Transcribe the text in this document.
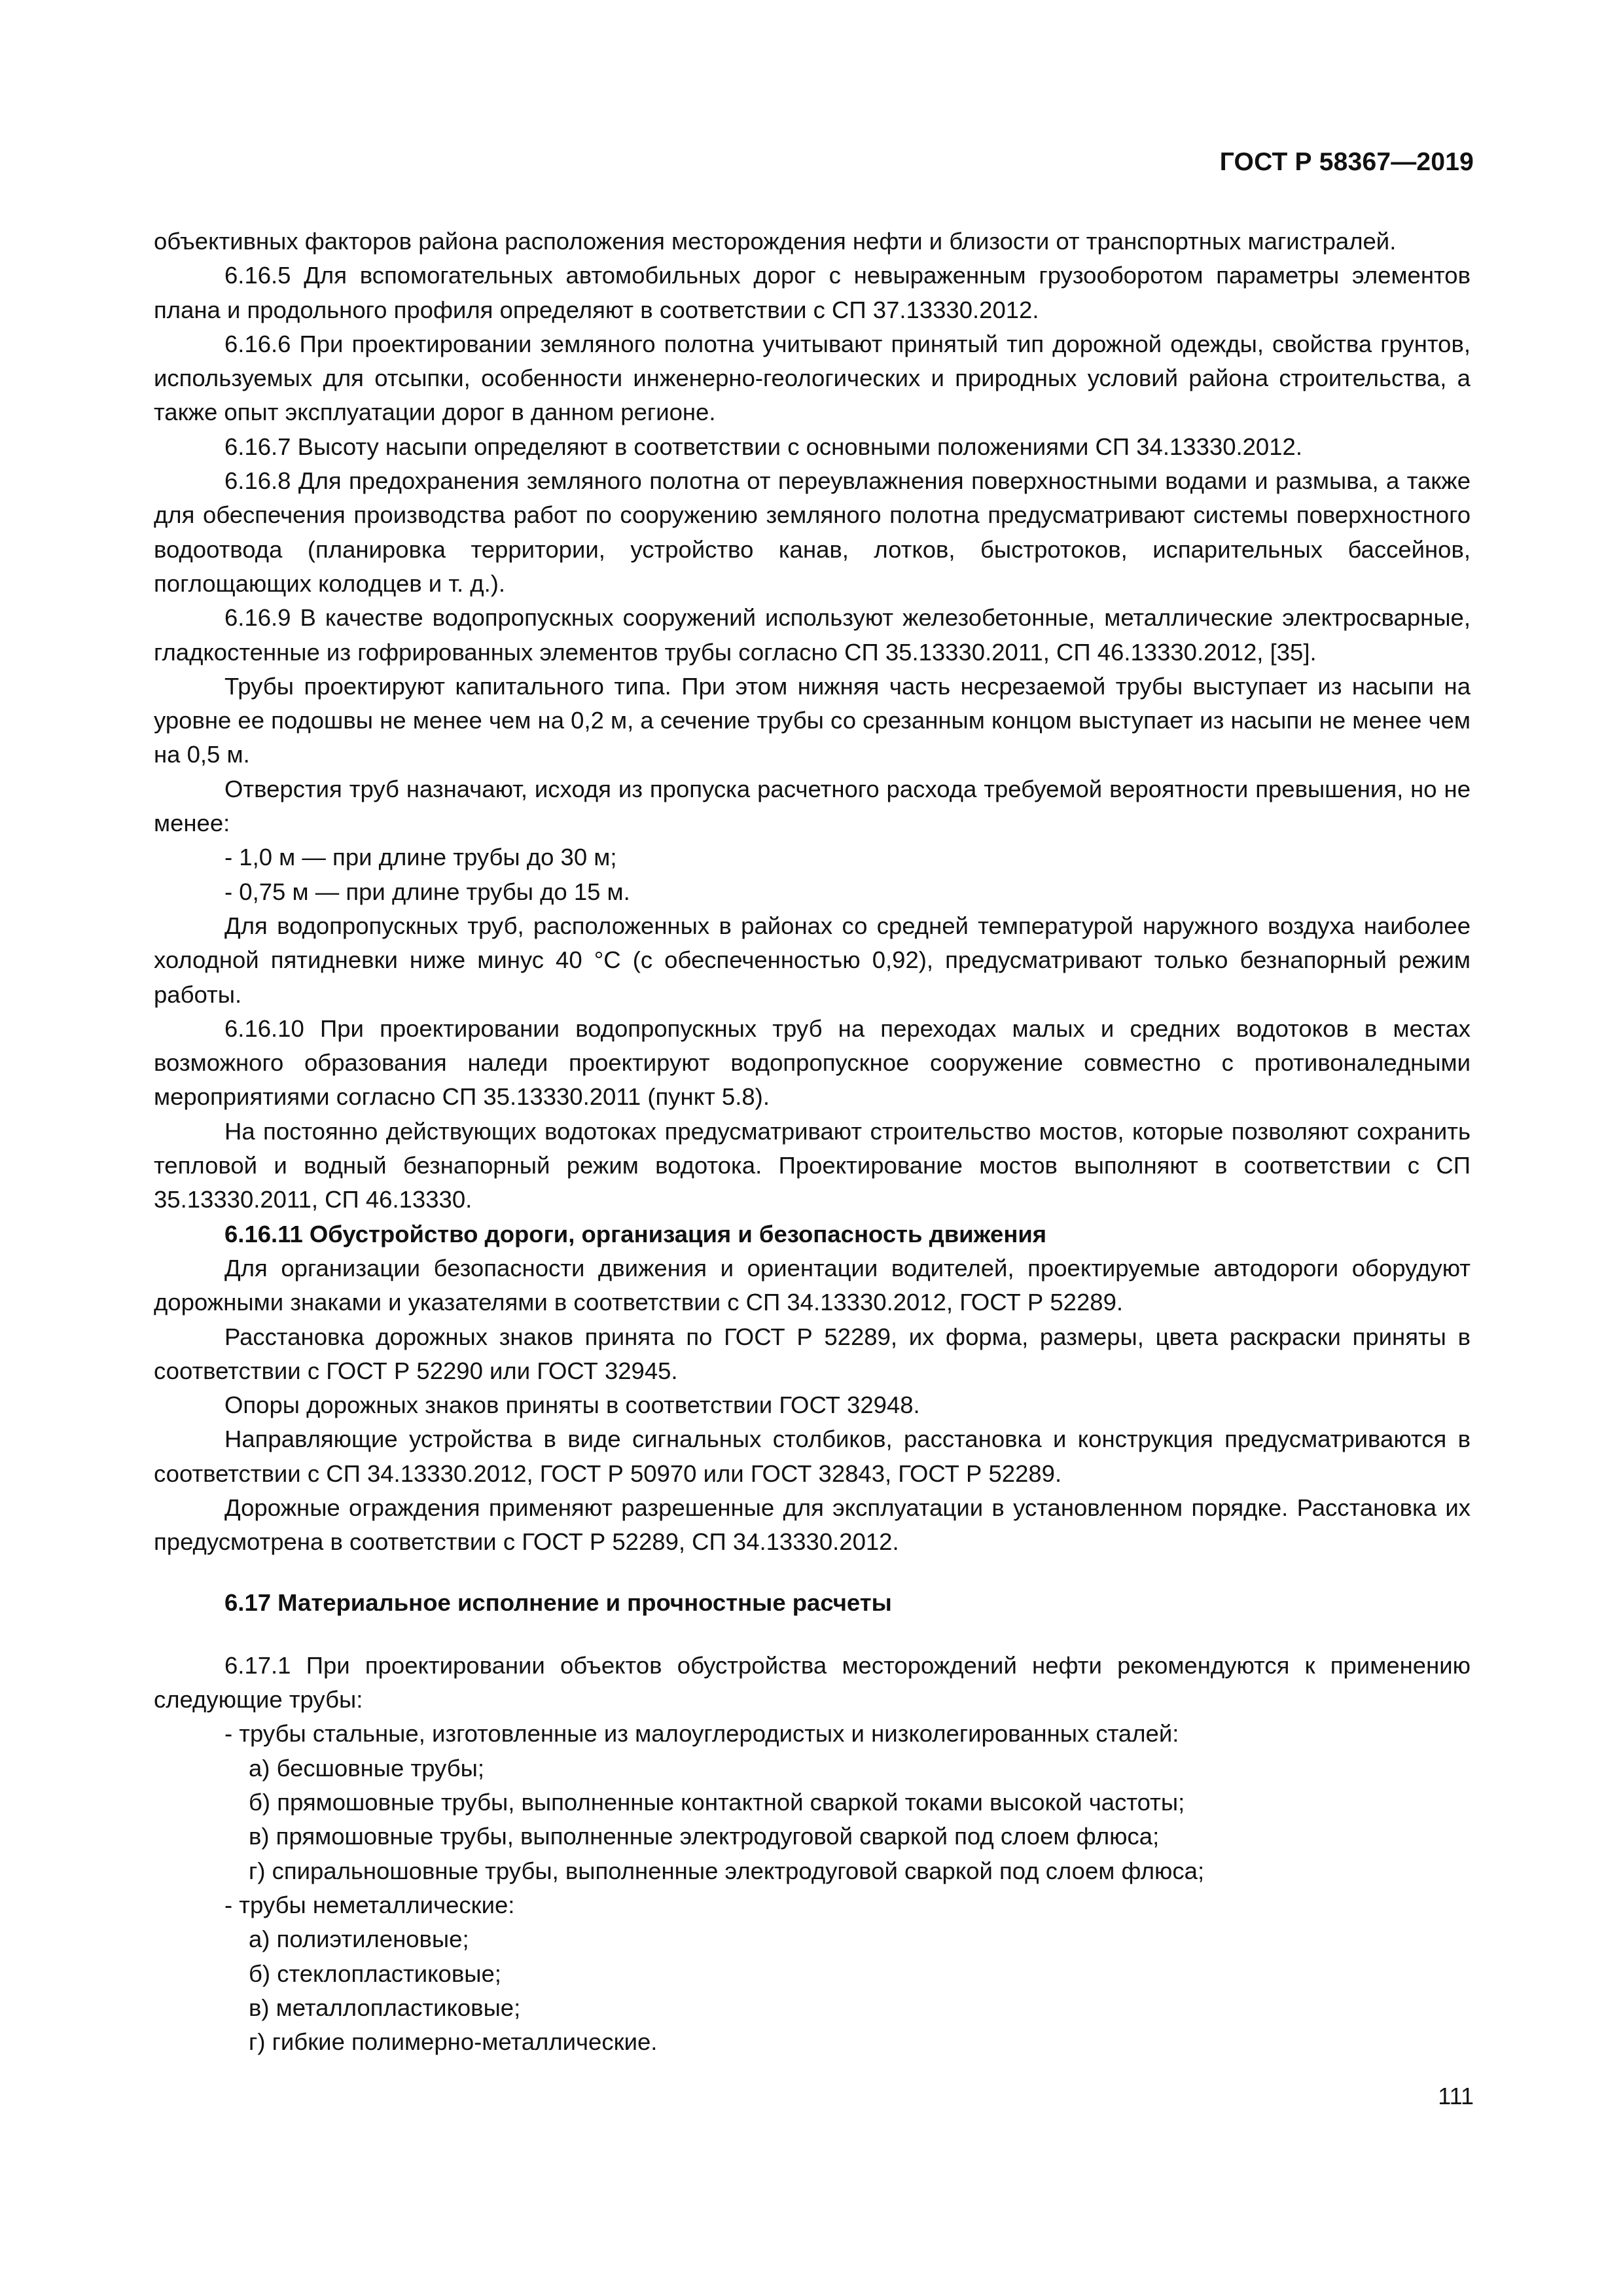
ГОСТ Р 58367—2019

объективных факторов района расположения месторождения нефти и близости от транспортных магистралей.

6.16.5 Для вспомогательных автомобильных дорог с невыраженным грузооборотом параметры элементов плана и продольного профиля определяют в соответствии с СП 37.13330.2012.

6.16.6 При проектировании земляного полотна учитывают принятый тип дорожной одежды, свойства грунтов, используемых для отсыпки, особенности инженерно-геологических и природных условий района строительства, а также опыт эксплуатации дорог в данном регионе.

6.16.7 Высоту насыпи определяют в соответствии с основными положениями СП 34.13330.2012.

6.16.8 Для предохранения земляного полотна от переувлажнения поверхностными водами и размыва, а также для обеспечения производства работ по сооружению земляного полотна предусматривают системы поверхностного водоотвода (планировка территории, устройство канав, лотков, быстротоков, испарительных бассейнов, поглощающих колодцев и т. д.).

6.16.9 В качестве водопропускных сооружений используют железобетонные, металлические электросварные, гладкостенные из гофрированных элементов трубы согласно СП 35.13330.2011, СП 46.13330.2012, [35].

Трубы проектируют капитального типа. При этом нижняя часть несрезаемой трубы выступает из насыпи на уровне ее подошвы не менее чем на 0,2 м, а сечение трубы со срезанным концом выступает из насыпи не менее чем на 0,5 м.

Отверстия труб назначают, исходя из пропуска расчетного расхода требуемой вероятности превышения, но не менее:

- 1,0 м — при длине трубы до 30 м;

- 0,75 м — при длине трубы до 15 м.

Для водопропускных труб, расположенных в районах со средней температурой наружного воздуха наиболее холодной пятидневки ниже минус 40 °С (с обеспеченностью 0,92), предусматривают только безнапорный режим работы.

6.16.10 При проектировании водопропускных труб на переходах малых и средних водотоков в местах возможного образования наледи проектируют водопропускное сооружение совместно с противоналедными мероприятиями согласно СП 35.13330.2011 (пункт 5.8).

На постоянно действующих водотоках предусматривают строительство мостов, которые позволяют сохранить тепловой и водный безнапорный режим водотока. Проектирование мостов выполняют в соответствии с СП 35.13330.2011, СП 46.13330.

6.16.11 Обустройство дороги, организация и безопасность движения

Для организации безопасности движения и ориентации водителей, проектируемые автодороги оборудуют дорожными знаками и указателями в соответствии с СП 34.13330.2012, ГОСТ Р 52289.

Расстановка дорожных знаков принята по ГОСТ Р 52289, их форма, размеры, цвета раскраски приняты в соответствии с ГОСТ Р 52290 или ГОСТ 32945.

Опоры дорожных знаков приняты в соответствии ГОСТ 32948.

Направляющие устройства в виде сигнальных столбиков, расстановка и конструкция предусматриваются в соответствии с СП 34.13330.2012, ГОСТ Р 50970 или ГОСТ 32843, ГОСТ Р 52289.

Дорожные ограждения применяют разрешенные для эксплуатации в установленном порядке. Расстановка их предусмотрена в соответствии с ГОСТ Р 52289, СП 34.13330.2012.

6.17 Материальное исполнение и прочностные расчеты

6.17.1 При проектировании объектов обустройства месторождений нефти рекомендуются к применению следующие трубы:

- трубы стальные, изготовленные из малоуглеродистых и низколегированных сталей:

а) бесшовные трубы;

б) прямошовные трубы, выполненные контактной сваркой токами высокой частоты;

в) прямошовные трубы, выполненные электродуговой сваркой под слоем флюса;

г) спиральношовные трубы, выполненные электродуговой сваркой под слоем флюса;

- трубы неметаллические:

а) полиэтиленовые;

б) стеклопластиковые;

в) металлопластиковые;

г) гибкие полимерно-металлические.

111
